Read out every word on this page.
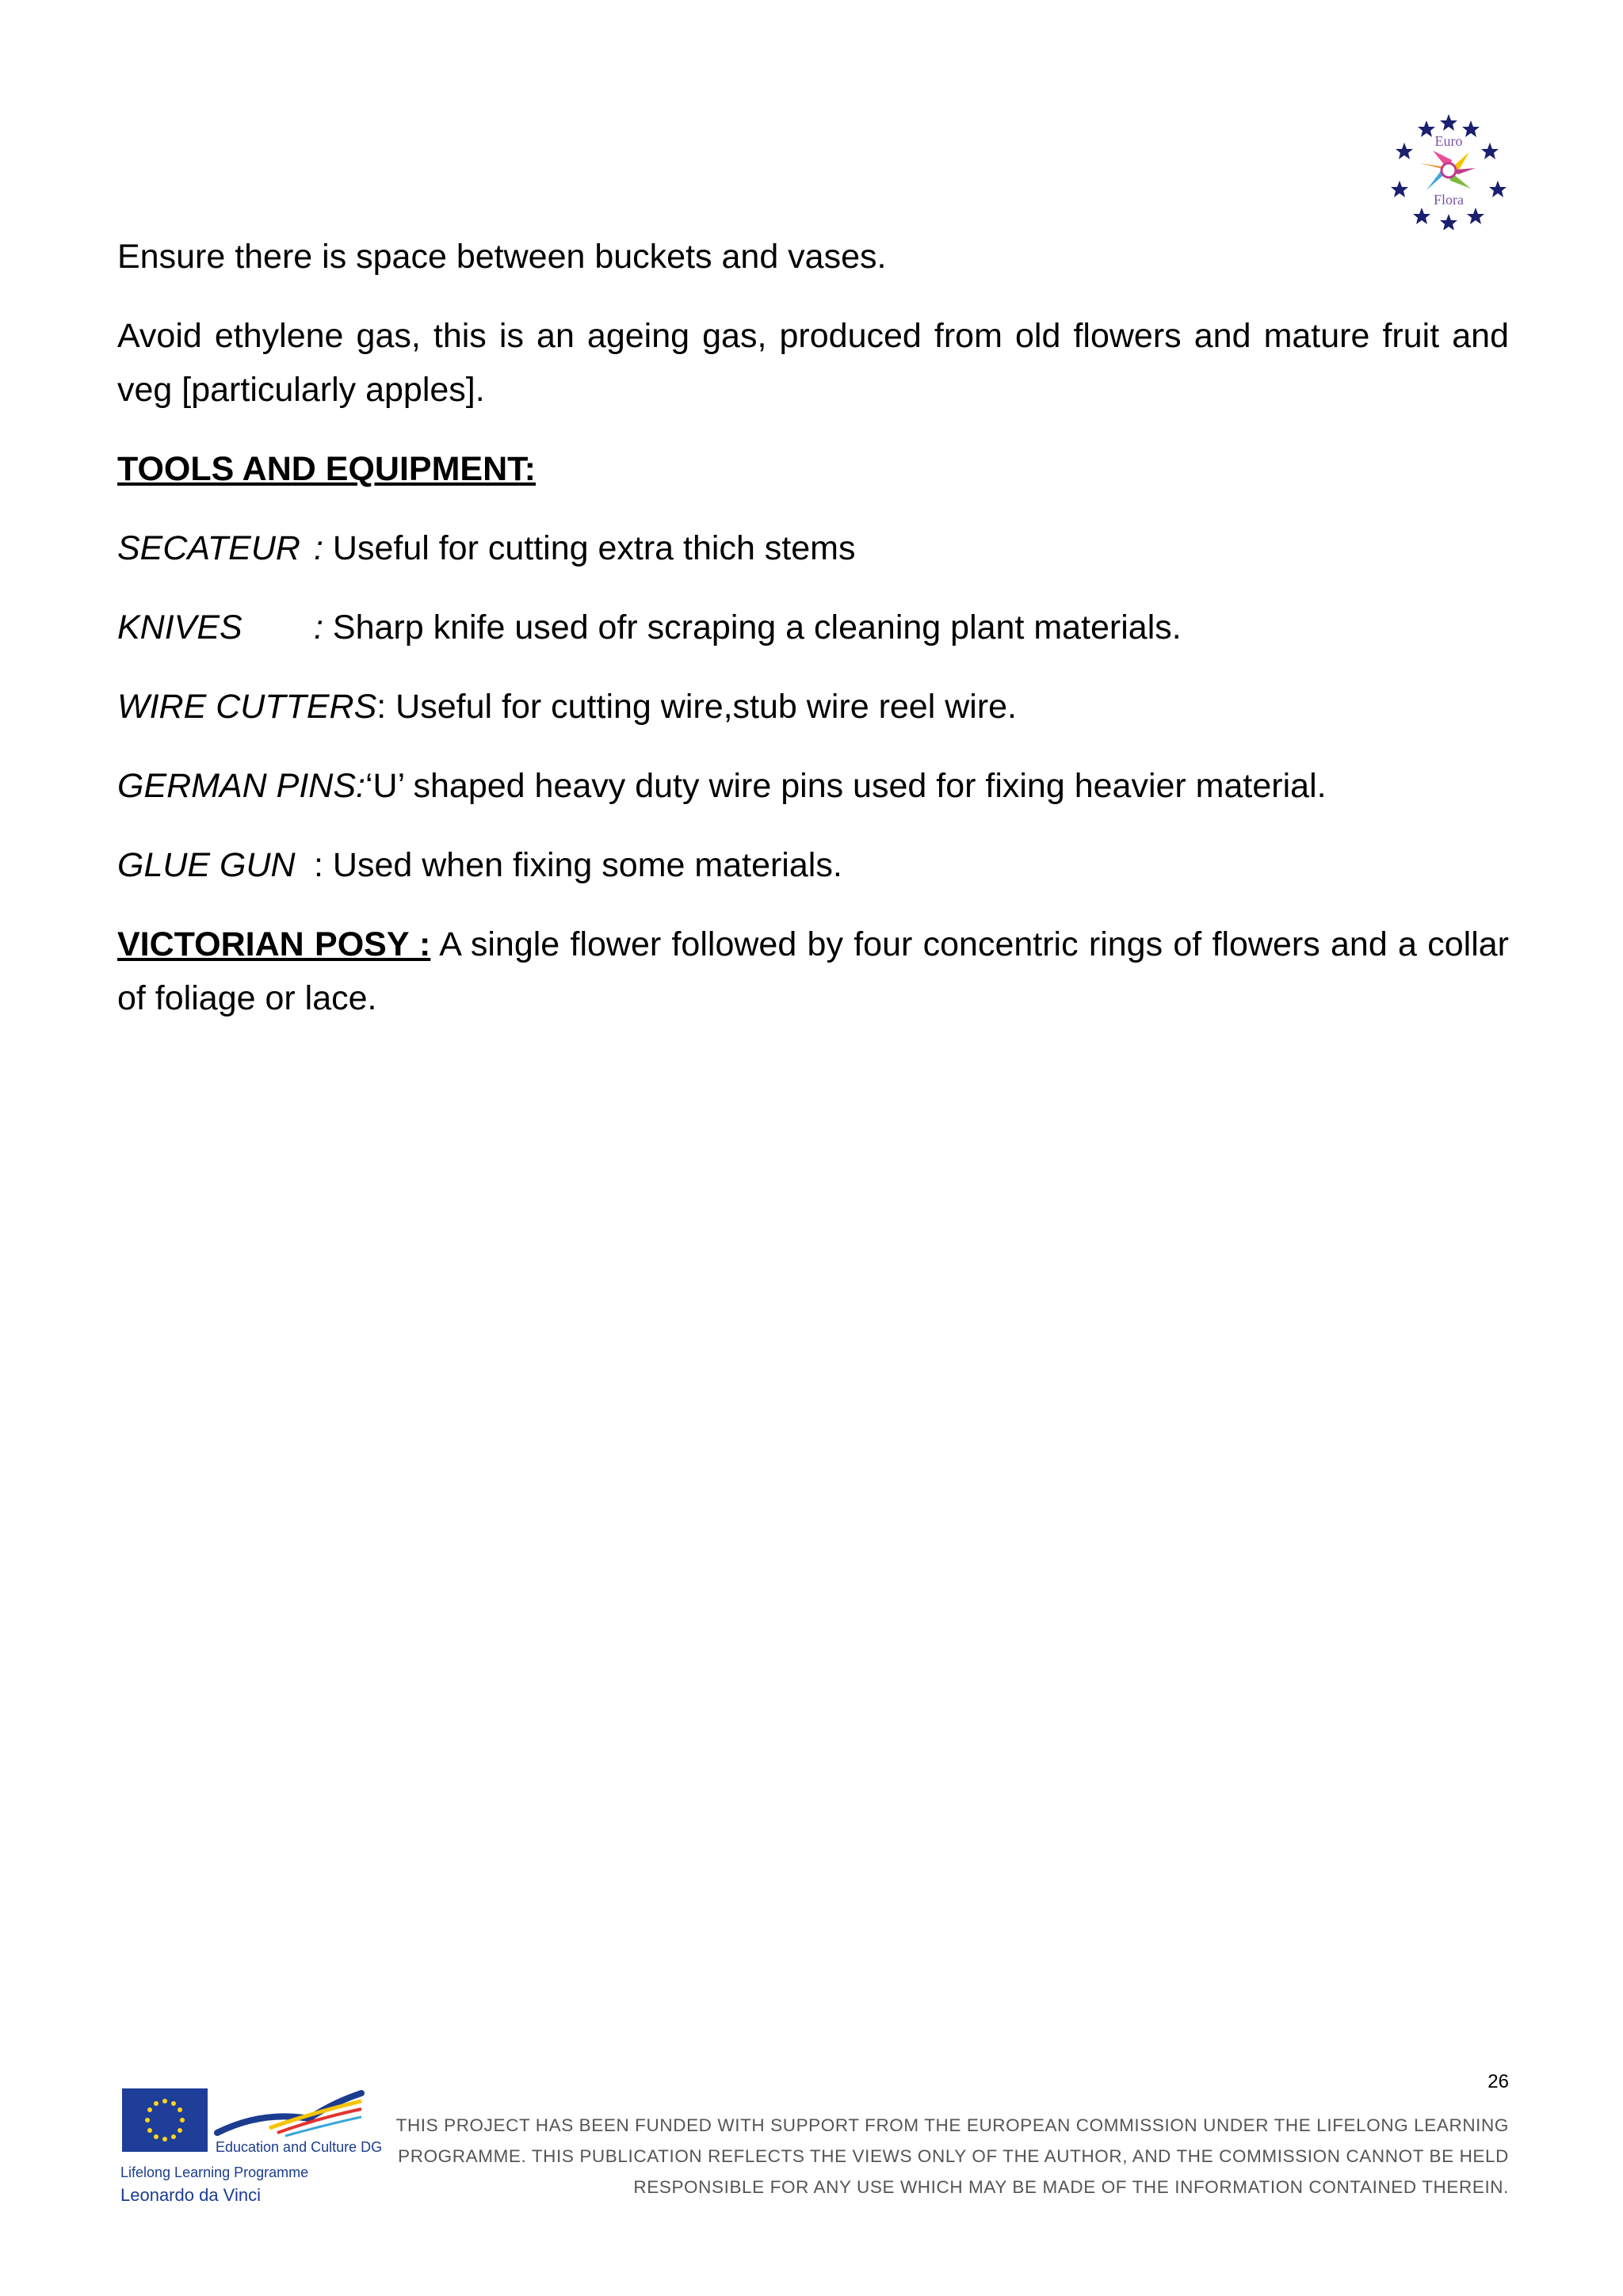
Euro
Flora

Ensure there is space between buckets and vases.

Avoid ethylene gas, this is an ageing gas, produced from old flowers and mature fruit and veg [particularly apples].

TOOLS AND EQUIPMENT:

SECATEUR : Useful for cutting extra thich stems

KNIVES : Sharp knife used ofr scraping a cleaning plant materials.

WIRE CUTTERS: Useful for cutting wire,stub wire reel wire.

GERMAN PINS:‘U’ shaped heavy duty wire pins used for fixing heavier material.

GLUE GUN : Used when fixing some materials.

VICTORIAN POSY : A single flower followed by four concentric rings of flowers and a collar of foliage or lace.

26
Education and Culture DG
Lifelong Learning Programme
Leonardo da Vinci
THIS PROJECT HAS BEEN FUNDED WITH SUPPORT FROM THE EUROPEAN COMMISSION UNDER THE LIFELONG LEARNING
PROGRAMME. THIS PUBLICATION REFLECTS THE VIEWS ONLY OF THE AUTHOR, AND THE COMMISSION CANNOT BE HELD
RESPONSIBLE FOR ANY USE WHICH MAY BE MADE OF THE INFORMATION CONTAINED THEREIN.
